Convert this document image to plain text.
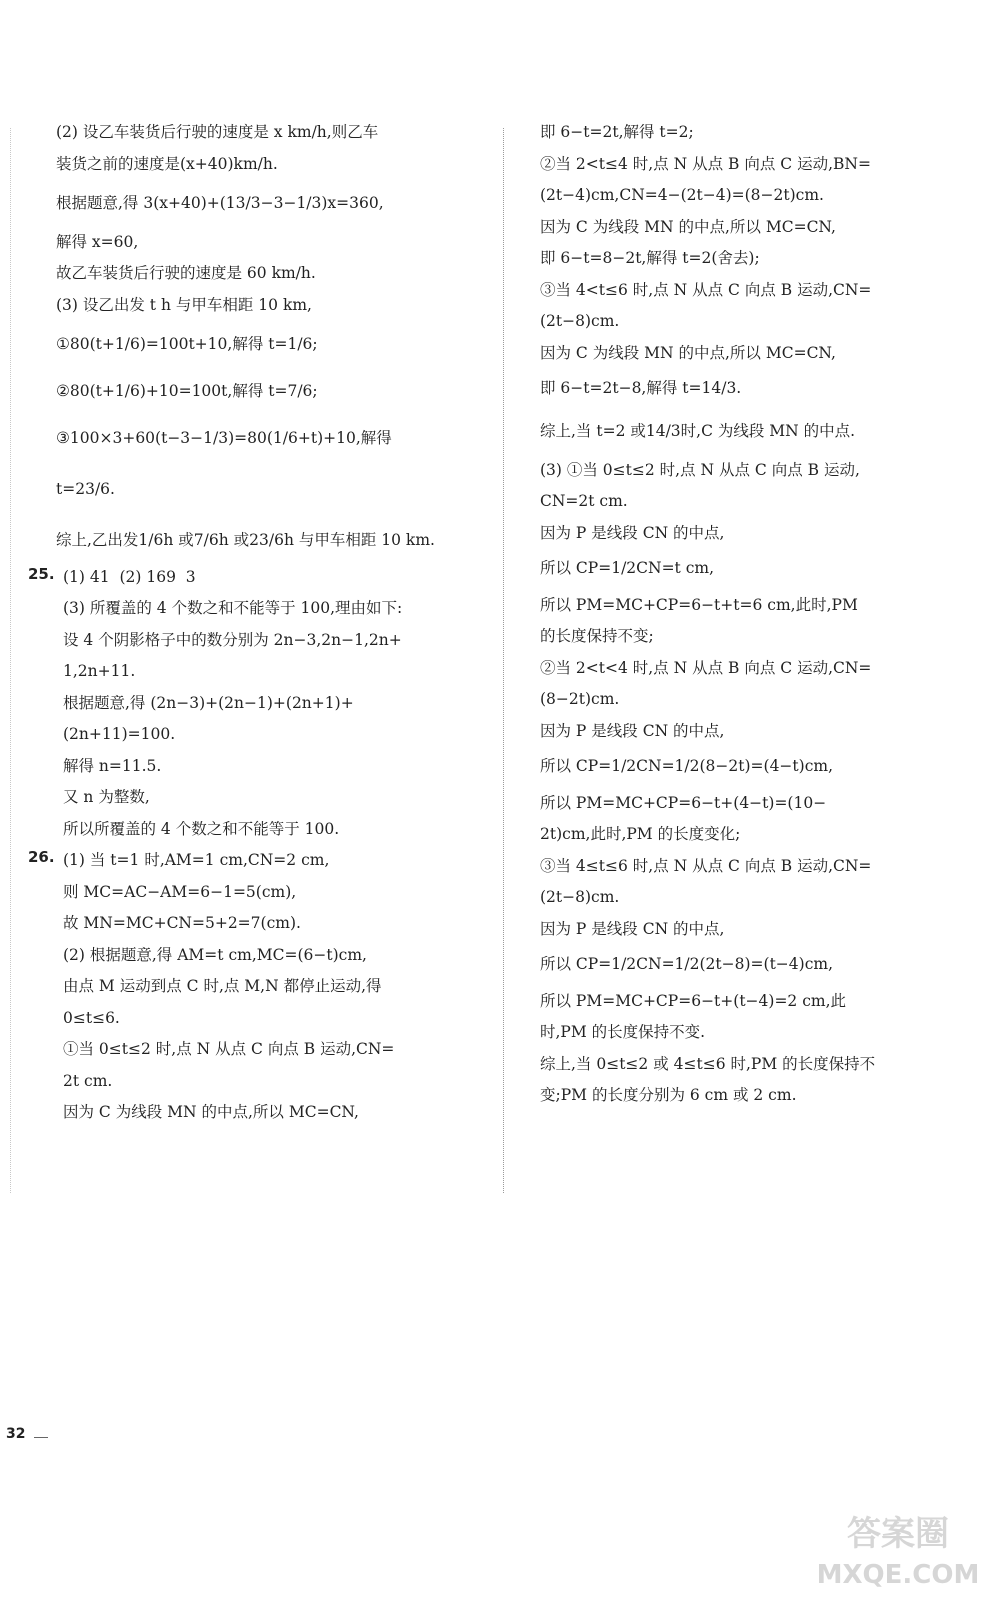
(2) 设乙车装货后行驶的速度是 x km/h,则乙车
装货之前的速度是(x+40)km/h.
根据题意,得 3(x+40)+(13/3−3−1/3)x=360,
解得 x=60,
故乙车装货后行驶的速度是 60 km/h.
(3) 设乙出发 t h 与甲车相距 10 km,
①80(t+1/6)=100t+10,解得 t=1/6;
②80(t+1/6)+10=100t,解得 t=7/6;
③100×3+60(t−3−1/3)=80(1/6+t)+10,解得
t=23/6.
综上,乙出发1/6h 或7/6h 或23/6h 与甲车相距 10 km.
25. (1) 41  (2) 169  3
(3) 所覆盖的 4 个数之和不能等于 100,理由如下:
设 4 个阴影格子中的数分别为 2n−3,2n−1,2n+
1,2n+11.
根据题意,得 (2n−3)+(2n−1)+(2n+1)+
(2n+11)=100.
解得 n=11.5.
又 n 为整数,
所以所覆盖的 4 个数之和不能等于 100.
26. (1) 当 t=1 时,AM=1 cm,CN=2 cm,
则 MC=AC−AM=6−1=5(cm),
故 MN=MC+CN=5+2=7(cm).
(2) 根据题意,得 AM=t cm,MC=(6−t)cm,
由点 M 运动到点 C 时,点 M,N 都停止运动,得
0≤t≤6.
①当 0≤t≤2 时,点 N 从点 C 向点 B 运动,CN=
2t cm.
因为 C 为线段 MN 的中点,所以 MC=CN,
即 6−t=2t,解得 t=2;
②当 2<t≤4 时,点 N 从点 B 向点 C 运动,BN=
(2t−4)cm,CN=4−(2t−4)=(8−2t)cm.
因为 C 为线段 MN 的中点,所以 MC=CN,
即 6−t=8−2t,解得 t=2(舍去);
③当 4<t≤6 时,点 N 从点 C 向点 B 运动,CN=
(2t−8)cm.
因为 C 为线段 MN 的中点,所以 MC=CN,
即 6−t=2t−8,解得 t=14/3.
综上,当 t=2 或14/3时,C 为线段 MN 的中点.
(3) ①当 0≤t≤2 时,点 N 从点 C 向点 B 运动,
CN=2t cm.
因为 P 是线段 CN 的中点,
所以 CP=1/2CN=t cm,
所以 PM=MC+CP=6−t+t=6 cm,此时,PM
的长度保持不变;
②当 2<t<4 时,点 N 从点 B 向点 C 运动,CN=
(8−2t)cm.
因为 P 是线段 CN 的中点,
所以 CP=1/2CN=1/2(8−2t)=(4−t)cm,
所以 PM=MC+CP=6−t+(4−t)=(10−
2t)cm,此时,PM 的长度变化;
③当 4≤t≤6 时,点 N 从点 C 向点 B 运动,CN=
(2t−8)cm.
因为 P 是线段 CN 的中点,
所以 CP=1/2CN=1/2(2t−8)=(t−4)cm,
所以 PM=MC+CP=6−t+(t−4)=2 cm,此
时,PM 的长度保持不变.
综上,当 0≤t≤2 或 4≤t≤6 时,PM 的长度保持不
变;PM 的长度分别为 6 cm 或 2 cm.
32
答案圈
MXQE.COM
